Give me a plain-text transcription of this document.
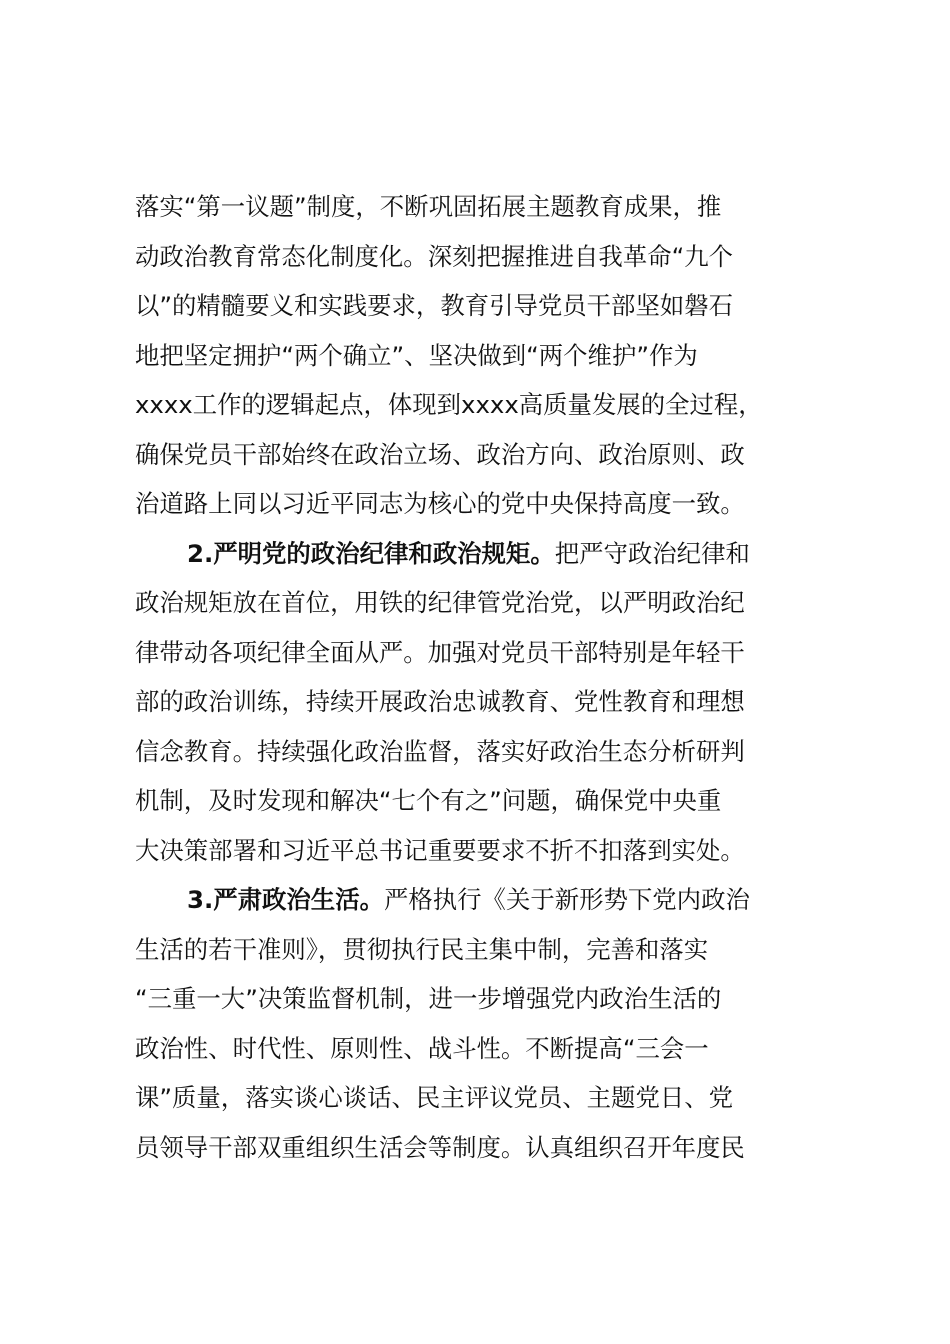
落实“第一议题”制度，不断巩固拓展主题教育成果，推
动政治教育常态化制度化。深刻把握推进自我革命“九个
以”的精髓要义和实践要求，教育引导党员干部坚如磐石
地把坚定拥护“两个确立”、坚决做到“两个维护”作为
xxxx工作的逻辑起点，体现到xxxx高质量发展的全过程，
确保党员干部始终在政治立场、政治方向、政治原则、政
治道路上同以习近平同志为核心的党中央保持高度一致。
2.严明党的政治纪律和政治规矩。把严守政治纪律和
政治规矩放在首位，用铁的纪律管党治党，以严明政治纪
律带动各项纪律全面从严。加强对党员干部特别是年轻干
部的政治训练，持续开展政治忠诚教育、党性教育和理想
信念教育。持续强化政治监督，落实好政治生态分析研判
机制，及时发现和解决“七个有之”问题，确保党中央重
大决策部署和习近平总书记重要要求不折不扣落到实处。
3.严肃政治生活。严格执行《关于新形势下党内政治
生活的若干准则》，贯彻执行民主集中制，完善和落实
“三重一大”决策监督机制，进一步增强党内政治生活的
政治性、时代性、原则性、战斗性。不断提高“三会一
课”质量，落实谈心谈话、民主评议党员、主题党日、党
员领导干部双重组织生活会等制度。认真组织召开年度民
